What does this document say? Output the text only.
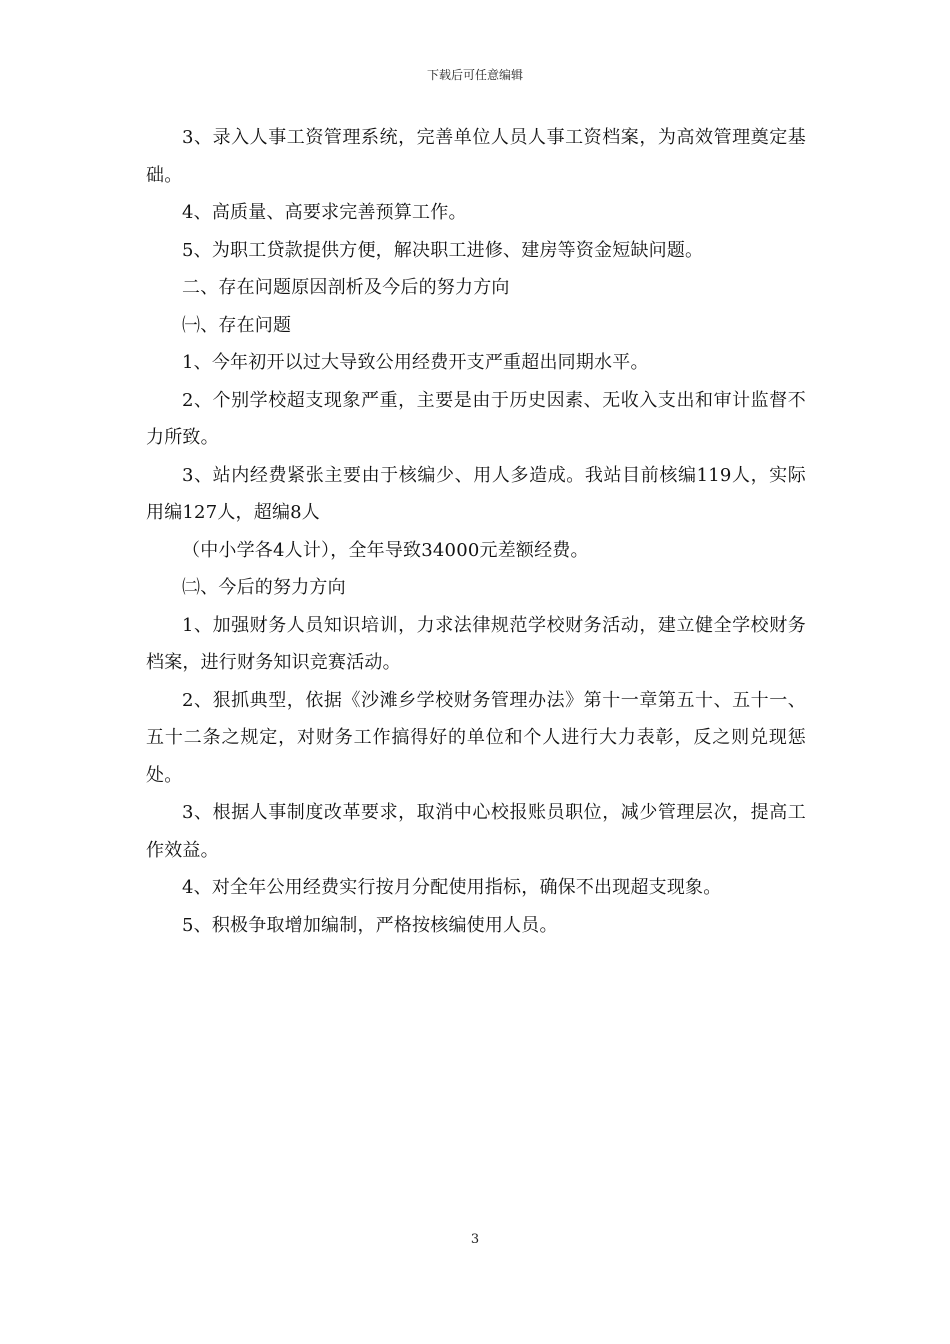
下载后可任意编辑

3、录入人事工资管理系统，完善单位人员人事工资档案，为高效管理奠定基础。

4、高质量、高要求完善预算工作。

5、为职工贷款提供方便，解决职工进修、建房等资金短缺问题。

二、存在问题原因剖析及今后的努力方向

㈠、存在问题

1、今年初开以过大导致公用经费开支严重超出同期水平。

2、个别学校超支现象严重，主要是由于历史因素、无收入支出和审计监督不力所致。

3、站内经费紧张主要由于核编少、用人多造成。我站目前核编119人，实际用编127人，超编8人

（中小学各4人计），全年导致34000元差额经费。

㈡、今后的努力方向

1、加强财务人员知识培训，力求法律规范学校财务活动，建立健全学校财务档案，进行财务知识竞赛活动。

2、狠抓典型，依据《沙滩乡学校财务管理办法》第十一章第五十、五十一、五十二条之规定，对财务工作搞得好的单位和个人进行大力表彰，反之则兑现惩处。

3、根据人事制度改革要求，取消中心校报账员职位，减少管理层次，提高工作效益。

4、对全年公用经费实行按月分配使用指标，确保不出现超支现象。

5、积极争取增加编制，严格按核编使用人员。

3
